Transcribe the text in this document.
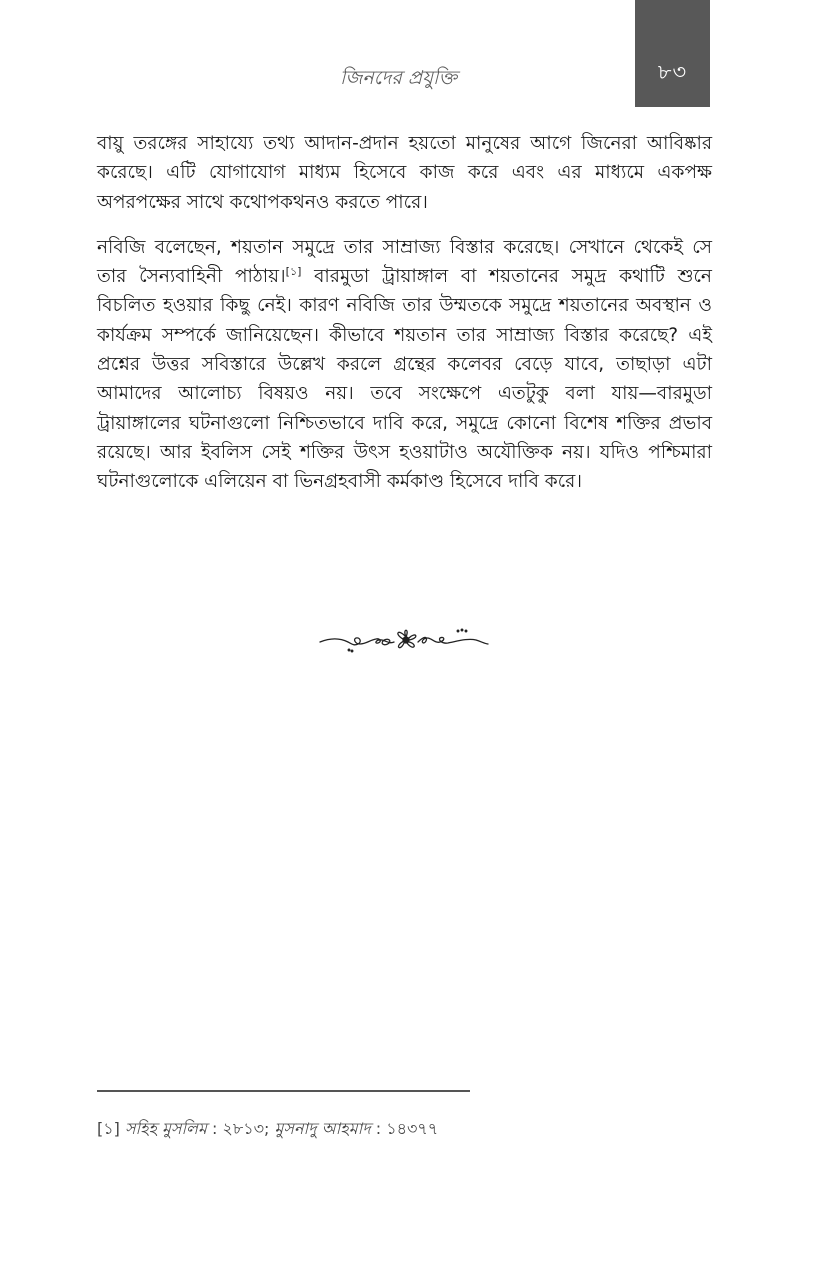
৮৩
জিনদের প্রযুক্তি

বায়ু তরঙ্গের সাহায্যে তথ্য আদান-প্রদান হয়তো মানুষের আগে জিনেরা আবিষ্কার করেছে। এটি যোগাযোগ মাধ্যম হিসেবে কাজ করে এবং এর মাধ্যমে একপক্ষ অপরপক্ষের সাথে কথোপকথনও করতে পারে।

নবিজি বলেছেন, শয়তান সমুদ্রে তার সাম্রাজ্য বিস্তার করেছে। সেখানে থেকেই সে তার সৈন্যবাহিনী পাঠায়।[১] বারমুডা ট্রায়াঙ্গাল বা শয়তানের সমুদ্র কথাটি শুনে বিচলিত হওয়ার কিছু নেই। কারণ নবিজি তার উম্মতকে সমুদ্রে শয়তানের অবস্থান ও কার্যক্রম সম্পর্কে জানিয়েছেন। কীভাবে শয়তান তার সাম্রাজ্য বিস্তার করেছে? এই প্রশ্নের উত্তর সবিস্তারে উল্লেখ করলে গ্রন্থের কলেবর বেড়ে যাবে, তাছাড়া এটা আমাদের আলোচ্য বিষয়ও নয়। তবে সংক্ষেপে এতটুকু বলা যায়—বারমুডা ট্রায়াঙ্গালের ঘটনাগুলো নিশ্চিতভাবে দাবি করে, সমুদ্রে কোনো বিশেষ শক্তির প্রভাব রয়েছে। আর ইবলিস সেই শক্তির উৎস হওয়াটাও অযৌক্তিক নয়। যদিও পশ্চিমারা ঘটনাগুলোকে এলিয়েন বা ভিনগ্রহবাসী কর্মকাণ্ড হিসেবে দাবি করে।

[১] সহিহ মুসলিম : ২৮১৩; মুসনাদু আহমাদ : ১৪৩৭৭
